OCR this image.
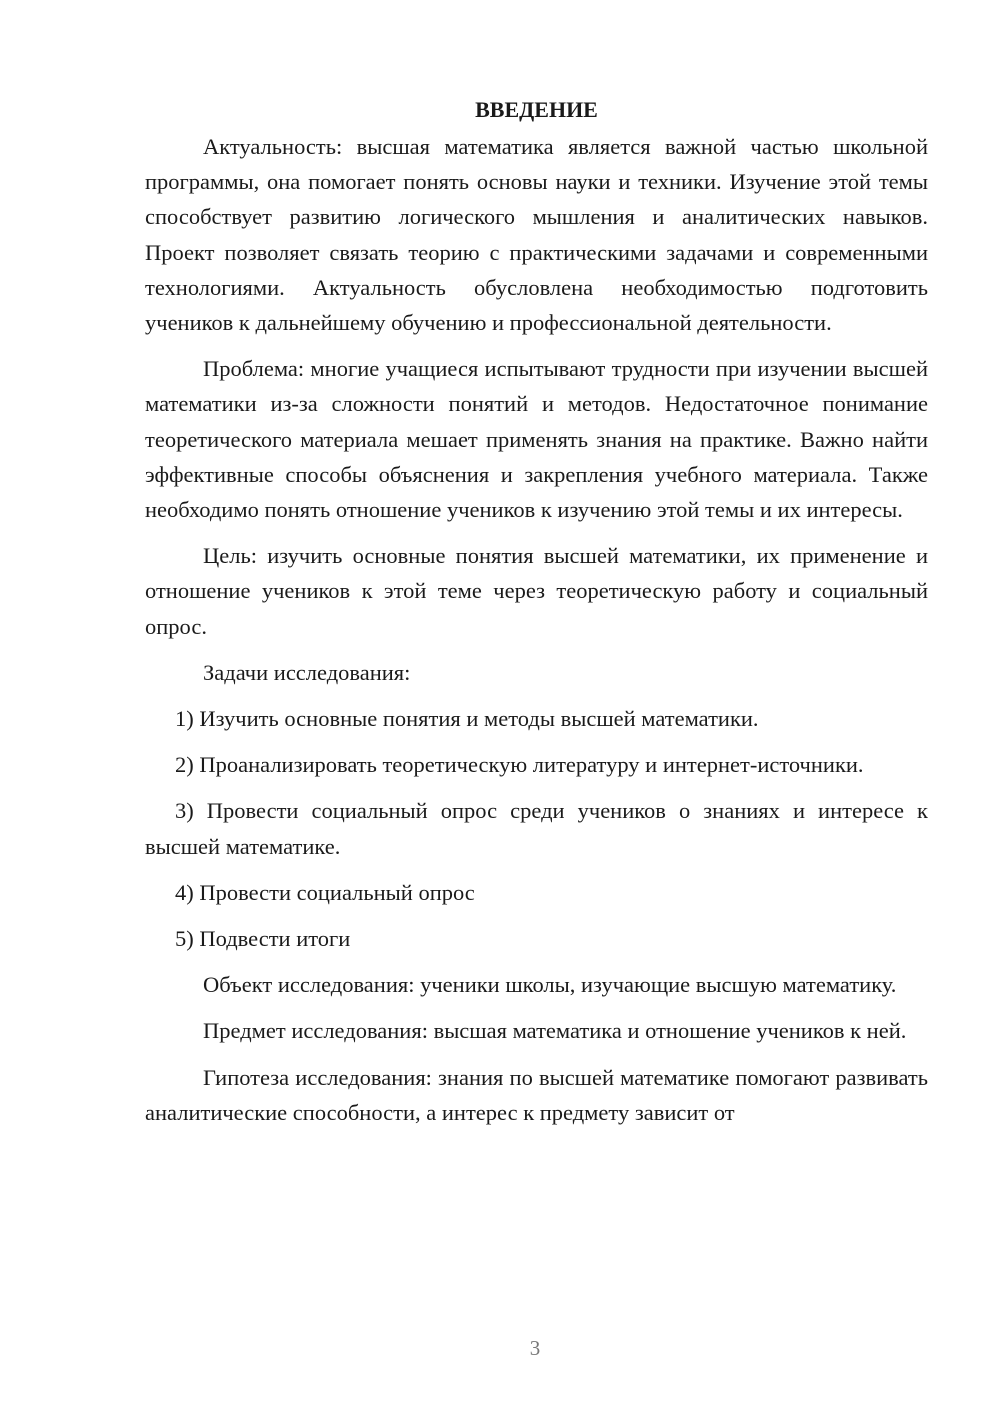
ВВЕДЕНИЕ

Актуальность: высшая математика является важной частью школьной программы, она помогает понять основы науки и техники. Изучение этой темы способствует развитию логического мышления и аналитических навыков. Проект позволяет связать теорию с практическими задачами и современными технологиями. Актуальность обусловлена необходимостью подготовить учеников к дальнейшему обучению и профессиональной деятельности.

Проблема: многие учащиеся испытывают трудности при изучении высшей математики из-за сложности понятий и методов. Недостаточное понимание теоретического материала мешает применять знания на практике. Важно найти эффективные способы объяснения и закрепления учебного материала. Также необходимо понять отношение учеников к изучению этой темы и их интересы.

Цель: изучить основные понятия высшей математики, их применение и отношение учеников к этой теме через теоретическую работу и социальный опрос.

Задачи исследования:

1) Изучить основные понятия и методы высшей математики.

2) Проанализировать теоретическую литературу и интернет-источники.

3) Провести социальный опрос среди учеников о знаниях и интересе к высшей математике.

4) Провести социальный опрос

5) Подвести итоги

Объект исследования: ученики школы, изучающие высшую математику.

Предмет исследования: высшая математика и отношение учеников к ней.

Гипотеза исследования: знания по высшей математике помогают развивать аналитические способности, а интерес к предмету зависит от

3
